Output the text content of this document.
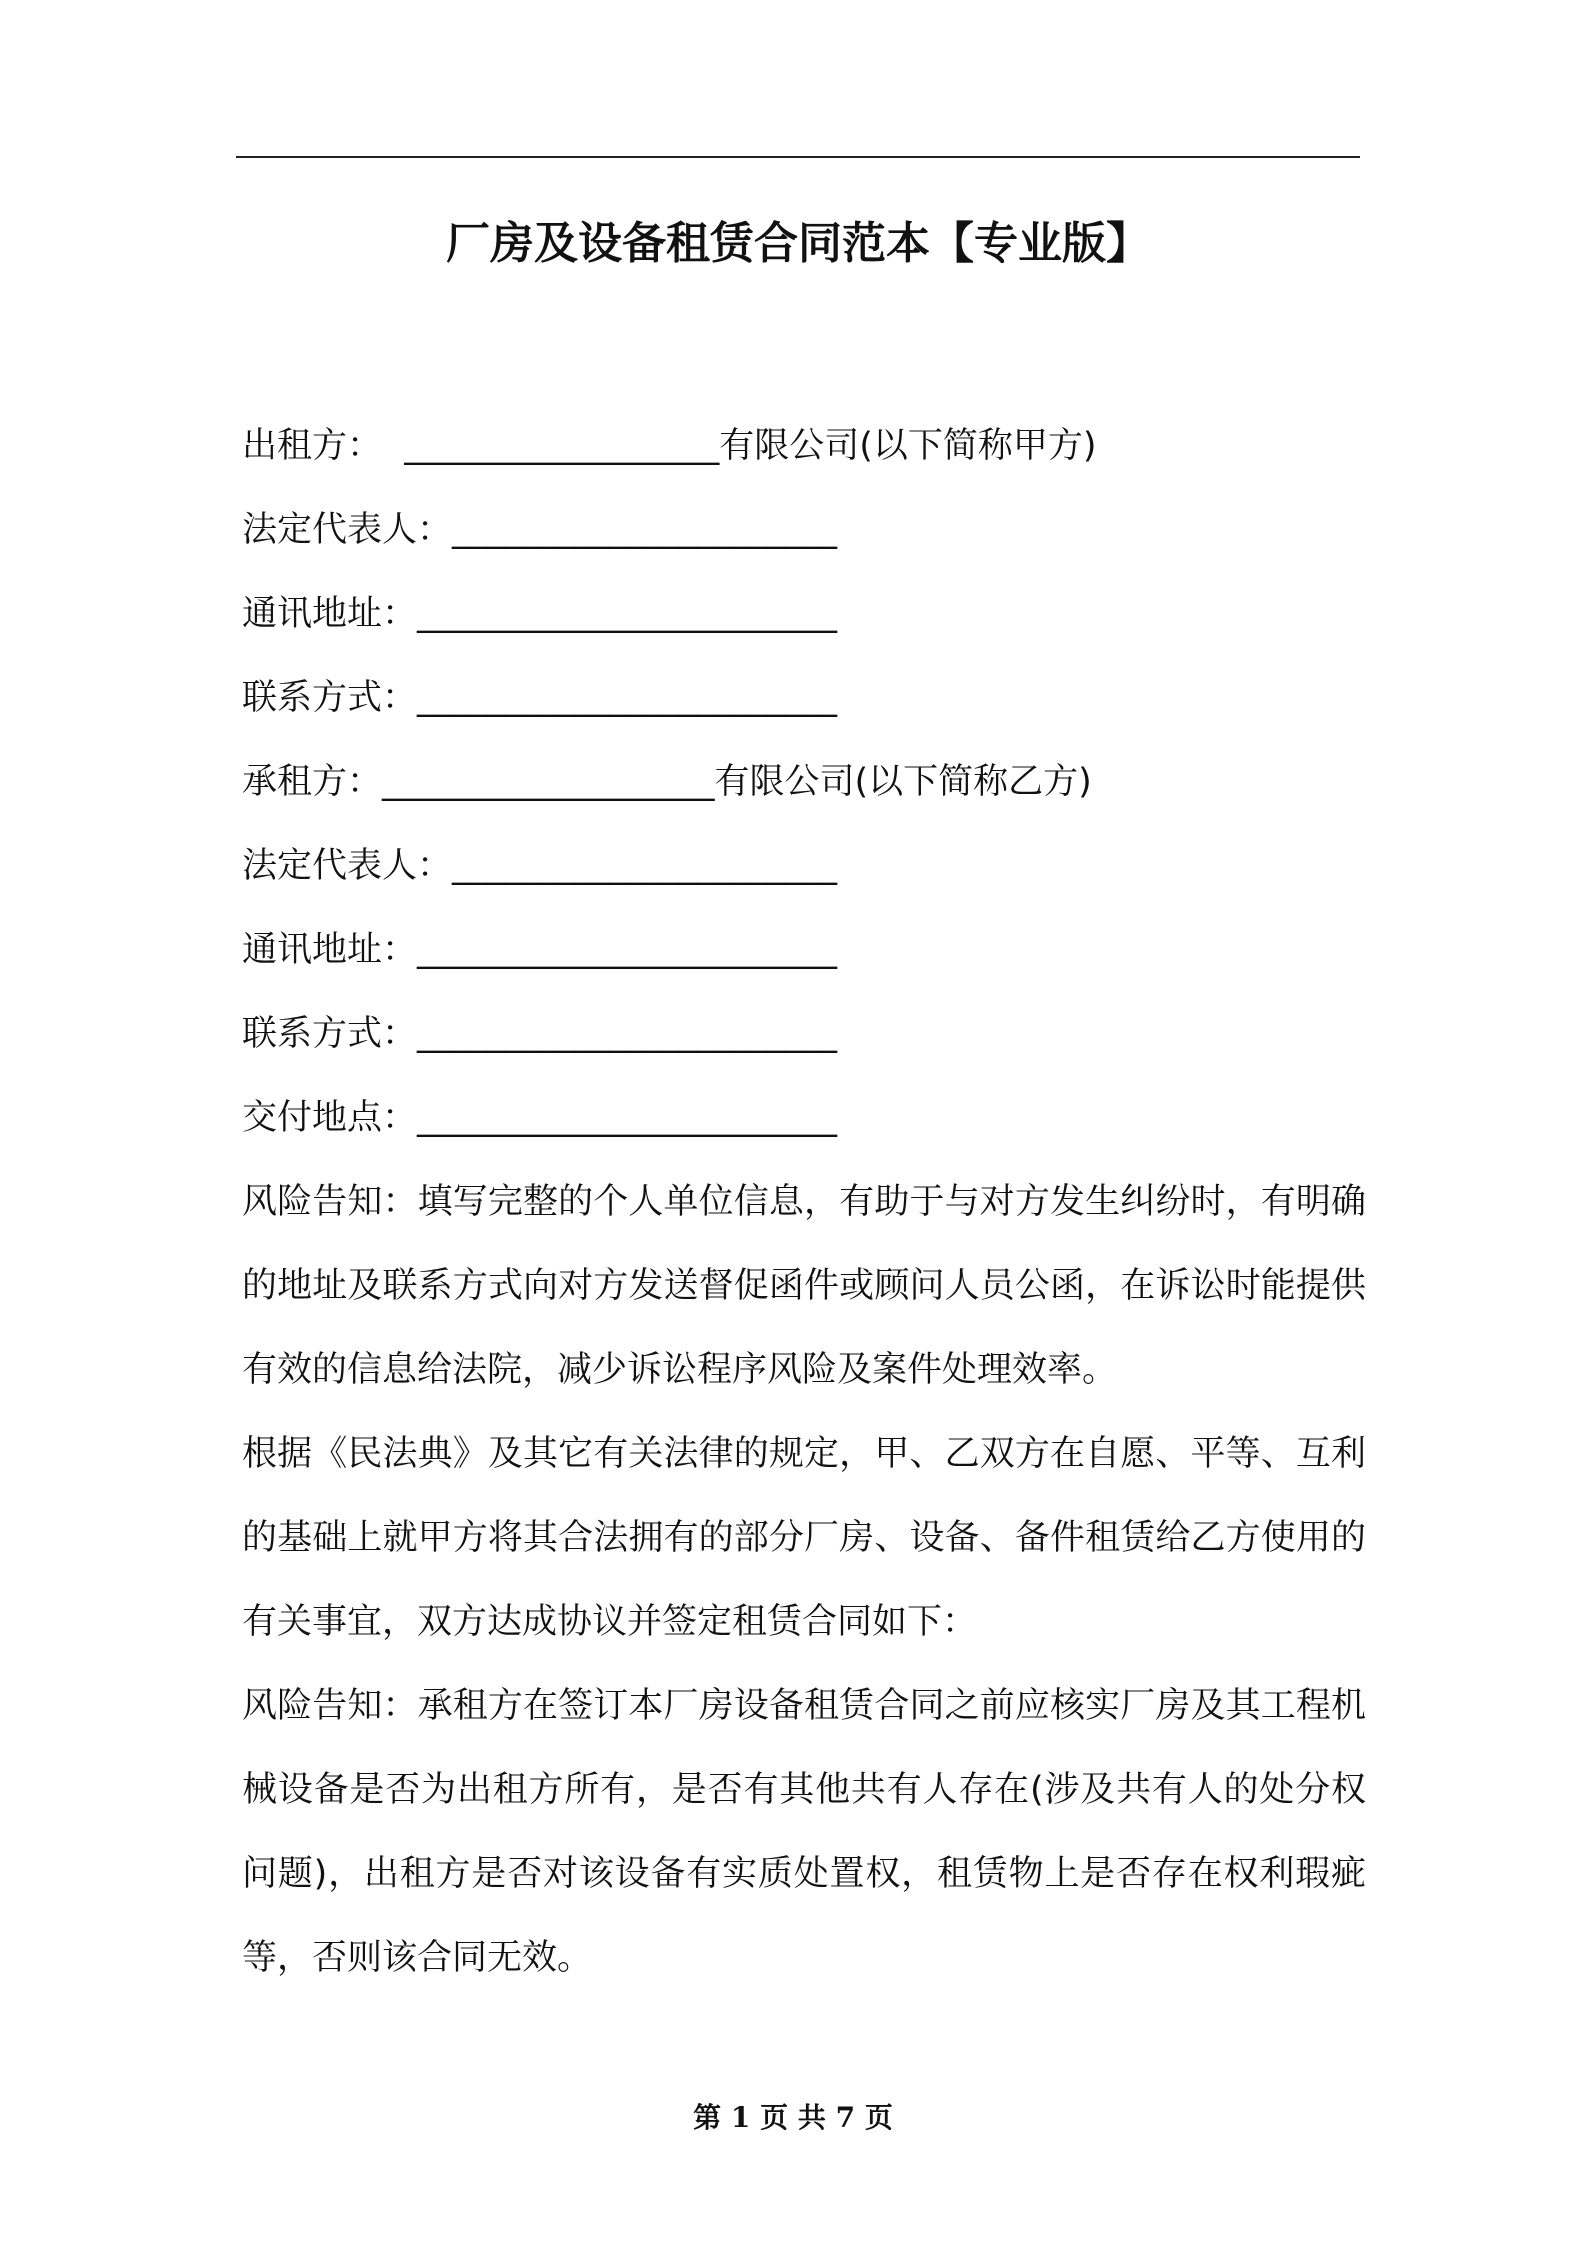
厂房及设备租赁合同范本【专业版】
出租方：  __________________有限公司(以下简称甲方)
法定代表人：______________________
通讯地址：________________________
联系方式：________________________
承租方：___________________有限公司(以下简称乙方)
法定代表人：______________________
通讯地址：________________________
联系方式：________________________
交付地点：________________________
风险告知：填写完整的个人单位信息，有助于与对方发生纠纷时，有明确的地址及联系方式向对方发送督促函件或顾问人员公函，在诉讼时能提供有效的信息给法院，减少诉讼程序风险及案件处理效率。
根据《民法典》及其它有关法律的规定，甲、乙双方在自愿、平等、互利的基础上就甲方将其合法拥有的部分厂房、设备、备件租赁给乙方使用的有关事宜，双方达成协议并签定租赁合同如下：
风险告知：承租方在签订本厂房设备租赁合同之前应核实厂房及其工程机械设备是否为出租方所有，是否有其他共有人存在(涉及共有人的处分权问题)，出租方是否对该设备有实质处置权，租赁物上是否存在权利瑕疵等，否则该合同无效。
第 1 页 共 7 页
